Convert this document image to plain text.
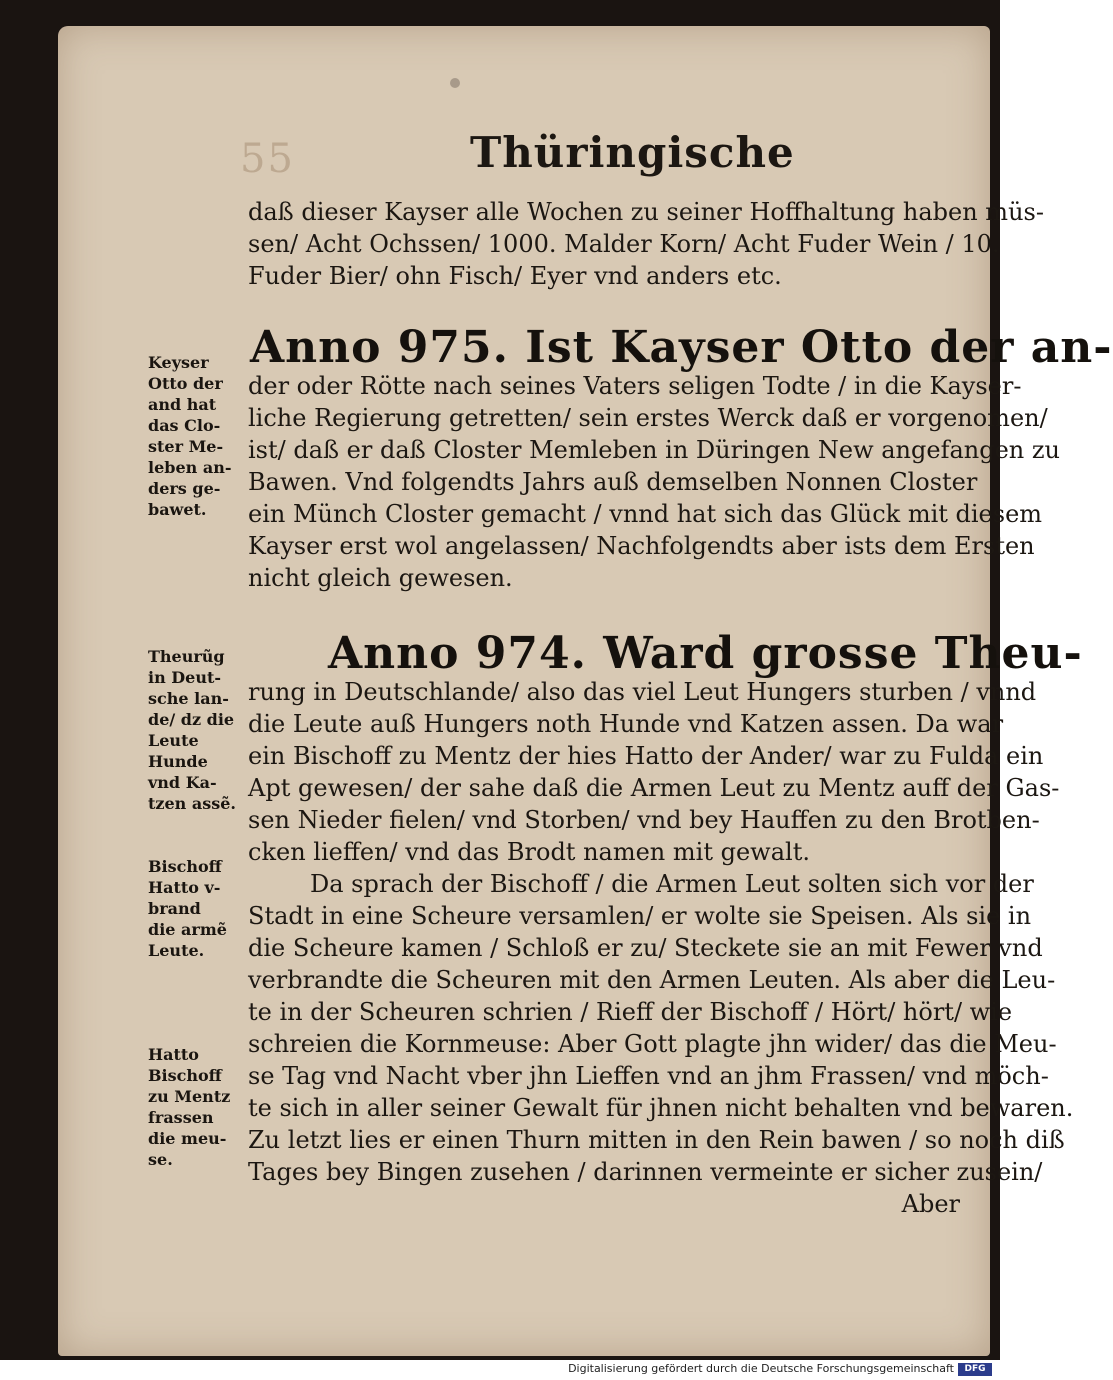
55	Thüringische
daß dieser Kayser alle Wochen zu seiner Hoffhaltung haben müs-
sen/ Acht Ochssen/ 1000. Malder Korn/ Acht Fuder Wein / 10.
Fuder Bier/ ohn Fisch/ Eyer vnd anders etc.
Anno 975. Ist Kayser Otto der an-
der oder Rötte nach seines Vaters seligen Todte / in die Kayser-
liche Regierung getretten/ sein erstes Werck daß er vorgenomen/
ist/ daß er daß Closter Memleben in Düringen New angefangen zu
Bawen. Vnd folgendts Jahrs auß demselben Nonnen Closter
ein Münch Closter gemacht / vnnd hat sich das Glück mit diesem
Kayser erst wol angelassen/ Nachfolgendts aber ists dem Ersten
nicht gleich gewesen.
Keyser
Otto der
and hat
das Clo-
ster Me-
leben an-
ders ge-
bawet.
Anno 974. Ward grosse Theu-
rung in Deutschlande/ also das viel Leut Hungers sturben / vnnd
die Leute auß Hungers noth Hunde vnd Katzen assen. Da war
ein Bischoff zu Mentz der hies Hatto der Ander/ war zu Fulda ein
Apt gewesen/ der sahe daß die Armen Leut zu Mentz auff der Gas-
sen Nieder fielen/ vnd Storben/ vnd bey Hauffen zu den Brotben-
cken lieffen/ vnd das Brodt namen mit gewalt.
Da sprach der Bischoff / die Armen Leut solten sich vor der
Stadt in eine Scheure versamlen/ er wolte sie Speisen. Als sie in
die Scheure kamen / Schloß er zu/ Steckete sie an mit Fewer vnd
verbrandte die Scheuren mit den Armen Leuten. Als aber die Leu-
te in der Scheuren schrien / Rieff der Bischoff / Hört/ hört/ wie
schreien die Kornmeuse: Aber Gott plagte jhn wider/ das die Meu-
se Tag vnd Nacht vber jhn Lieffen vnd an jhm Frassen/ vnd möch-
te sich in aller seiner Gewalt für jhnen nicht behalten vnd bewaren.
Zu letzt lies er einen Thurn mitten in den Rein bawen / so noch diß
Tages bey Bingen zusehen / darinnen vermeinte er sicher zusein/
Aber
Theurũg
in Deut-
sche lan-
de/ dz die
Leute
Hunde
vnd Ka-
tzen assẽ.
Bischoff
Hatto v-
brand
die armẽ
Leute.
Hatto
Bischoff
zu Mentz
frassen
die meu-
se.
Digitalisierung gefördert durch die Deutsche Forschungsgemeinschaft	DFG
